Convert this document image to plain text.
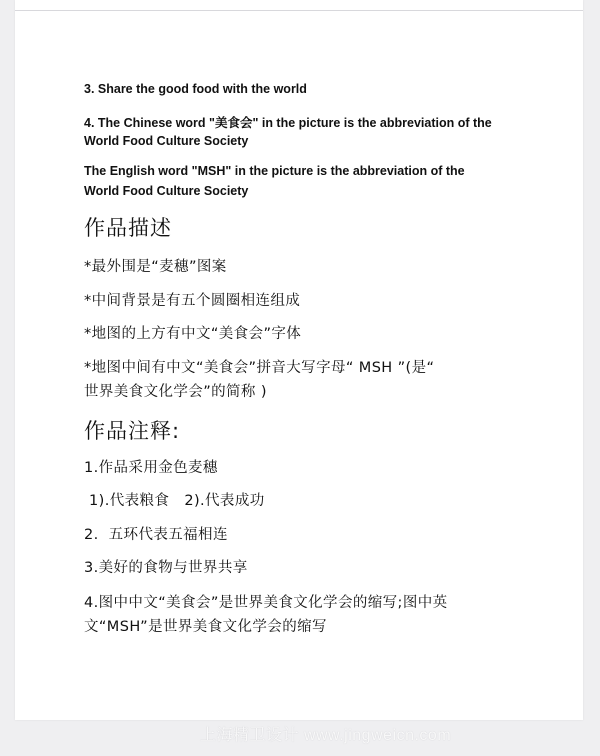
3. Share the good food with the world
4. The Chinese word "美食会" in the picture is the abbreviation of the
World Food Culture Society
The English word "MSH" in the picture is the abbreviation of the
World Food Culture Society
作品描述
*最外围是“麦穗”图案
*中间背景是有五个圆圈相连组成
*地图的上方有中文“美食会”字体
*地图中间有中文“美食会”拼音大写字母“ MSH ”(是“
世界美食文化学会”的简称 )
作品注释:
1.作品采用金色麦穗
1).代表粮食   2).代表成功
2.  五环代表五福相连
3.美好的食物与世界共享
4.图中中文“美食会”是世界美食文化学会的缩写;图中英
文“MSH”是世界美食文化学会的缩写
上海精卫设计 www.jingweicn.com
